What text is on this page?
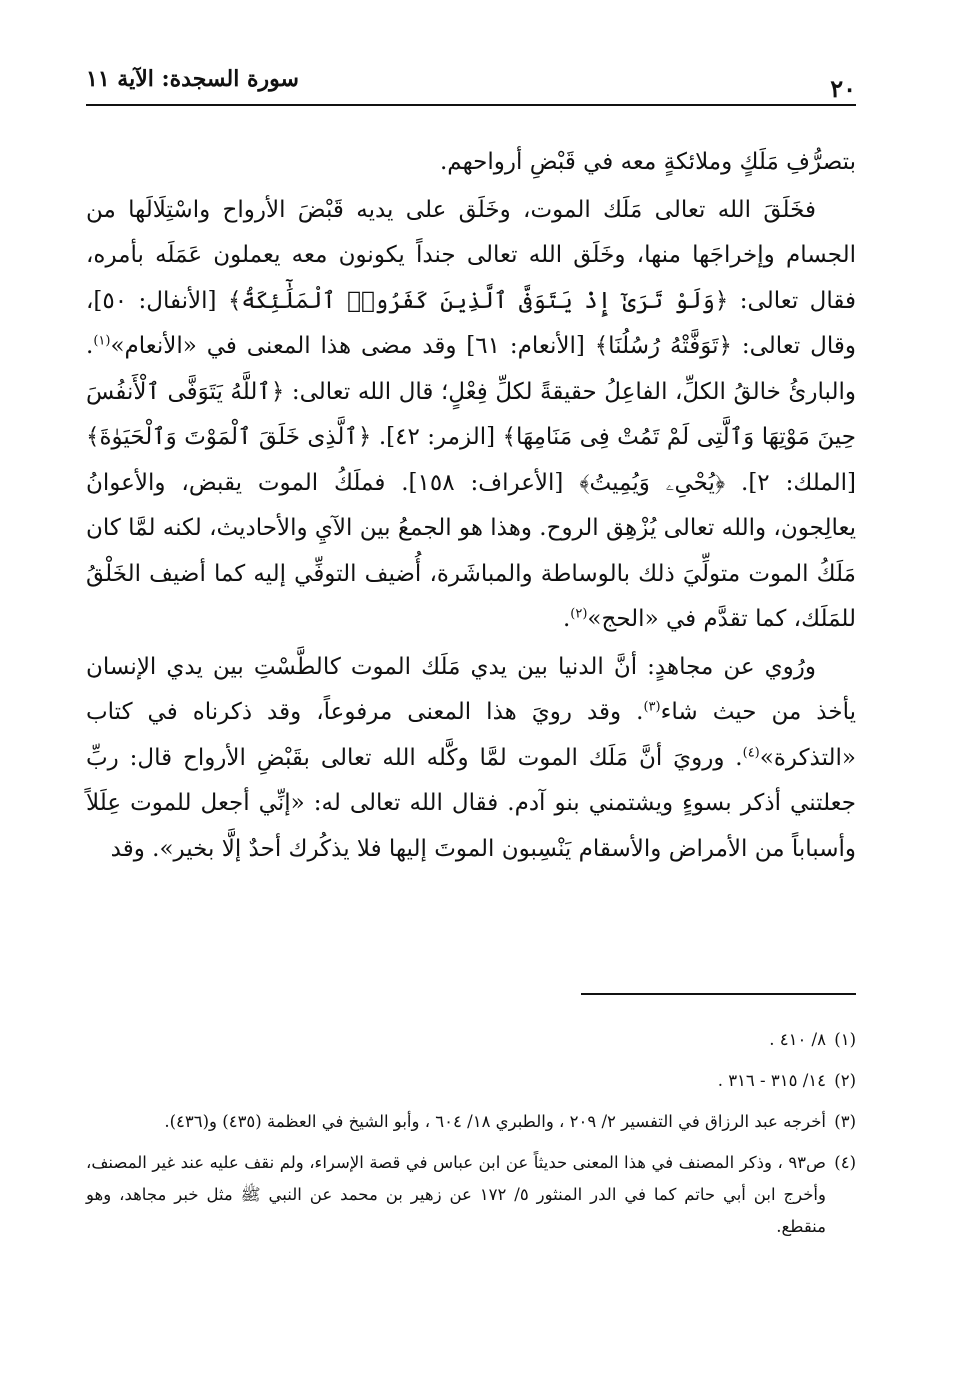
٢٠
سورة السجدة: الآية ١١

بتصرُّفِ مَلَكٍ وملائكةٍ معه في قَبْضِ أرواحهم.

فخَلَقَ الله تعالى مَلَك الموت، وخَلَق على يديه قَبْضَ الأرواح واسْتِلَالَها من الجسام وإخراجَها منها، وخَلَق الله تعالى جنداً يكونون معه يعملون عَمَلَه بأمره، فقال تعالى: ﴿وَلَوْ تَرَىٰٓ إِذْ يَتَوَفَّى ٱلَّذِينَ كَفَرُوا۟ ٱلْمَلَٰٓئِكَةُ﴾ [الأنفال: ٥٠]، وقال تعالى: ﴿تَوَفَّتْهُ رُسُلُنَا﴾ [الأنعام: ٦١] وقد مضى هذا المعنى في «الأنعام»$^{(١)}$. والبارئُ خالقُ الكلِّ، الفاعِلُ حقيقةً لكلِّ فِعْلٍ؛ قال الله تعالى: ﴿ٱللَّهُ يَتَوَفَّى ٱلْأَنفُسَ حِينَ مَوْتِهَا وَٱلَّتِى لَمْ تَمُتْ فِى مَنَامِهَا﴾ [الزمر: ٤٢]. ﴿ٱلَّذِى خَلَقَ ٱلْمَوْتَ وَٱلْحَيَوٰةَ﴾ [الملك: ٢]. ﴿يُحْىِۦ وَيُمِيتُ﴾ [الأعراف: ١٥٨]. فملَكُ الموت يقبض، والأعوانُ يعالِجون، والله تعالى يُزْهِق الروح. وهذا هو الجمعُ بين الآيِ والأحاديث، لكنه لمَّا كان مَلَكُ الموت متولِّيَ ذلك بالوساطة والمباشَرة، أُضيف التوفِّي إليه كما أضيف الخَلْقُ للمَلَك، كما تقدَّم في «الحج»$^{(٢)}$.

ورُوي عن مجاهدٍ: أنَّ الدنيا بين يدي مَلَك الموت كالطَّسْتِ بين يدي الإنسان يأخذ من حيث شاء$^{(٣)}$. وقد رويَ هذا المعنى مرفوعاً، وقد ذكرناه في كتاب «التذكرة»$^{(٤)}$. ورويَ أنَّ مَلَك الموت لمَّا وكَّله الله تعالى بقَبْضِ الأرواح قال: ربِّ جعلتني أذكر بسوءٍ ويشتمني بنو آدم. فقال الله تعالى له: «إنِّي أجعل للموت عِلَلاً وأسباباً من الأمراض والأسقام يَنْسِبون الموتَ إليها فلا يذكُرك أحدٌ إلَّا بخير». وقد

(١)
٨/ ٤١٠ .
(٢)
١٤/ ٣١٥ - ٣١٦ .
(٣)
أخرجه عبد الرزاق في التفسير ٢/ ٢٠٩ ، والطبري ١٨/ ٦٠٤ ، وأبو الشيخ في العظمة (٤٣٥) و(٤٣٦).
(٤)
ص٩٣ ، وذكر المصنف في هذا المعنى حديثاً عن ابن عباس في قصة الإسراء، ولم نقف عليه عند غير المصنف، وأخرج ابن أبي حاتم كما في الدر المنثور ٥/ ١٧٢ عن زهير بن محمد عن النبي ﷺ مثل خبر مجاهد، وهو منقطع.
